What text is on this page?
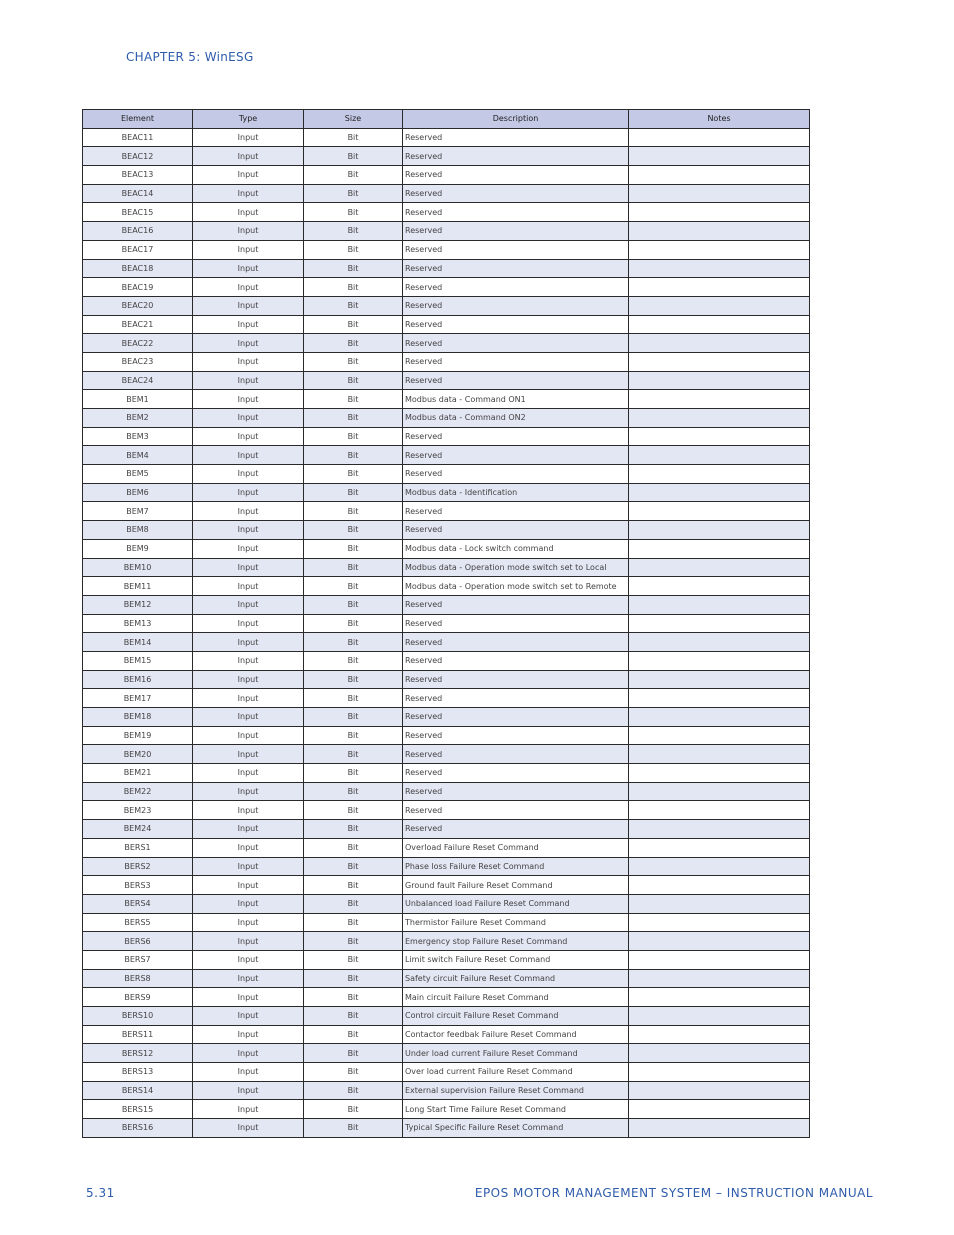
CHAPTER 5: WinESG
Element	Type	Size	Description	Notes
BEAC11	Input	Bit	Reserved	
BEAC12	Input	Bit	Reserved	
BEAC13	Input	Bit	Reserved	
BEAC14	Input	Bit	Reserved	
BEAC15	Input	Bit	Reserved	
BEAC16	Input	Bit	Reserved	
BEAC17	Input	Bit	Reserved	
BEAC18	Input	Bit	Reserved	
BEAC19	Input	Bit	Reserved	
BEAC20	Input	Bit	Reserved	
BEAC21	Input	Bit	Reserved	
BEAC22	Input	Bit	Reserved	
BEAC23	Input	Bit	Reserved	
BEAC24	Input	Bit	Reserved	
BEM1	Input	Bit	Modbus data - Command ON1	
BEM2	Input	Bit	Modbus data - Command ON2	
BEM3	Input	Bit	Reserved	
BEM4	Input	Bit	Reserved	
BEM5	Input	Bit	Reserved	
BEM6	Input	Bit	Modbus data - Identification	
BEM7	Input	Bit	Reserved	
BEM8	Input	Bit	Reserved	
BEM9	Input	Bit	Modbus data - Lock switch command	
BEM10	Input	Bit	Modbus data - Operation mode switch set to Local	
BEM11	Input	Bit	Modbus data - Operation mode switch set to Remote	
BEM12	Input	Bit	Reserved	
BEM13	Input	Bit	Reserved	
BEM14	Input	Bit	Reserved	
BEM15	Input	Bit	Reserved	
BEM16	Input	Bit	Reserved	
BEM17	Input	Bit	Reserved	
BEM18	Input	Bit	Reserved	
BEM19	Input	Bit	Reserved	
BEM20	Input	Bit	Reserved	
BEM21	Input	Bit	Reserved	
BEM22	Input	Bit	Reserved	
BEM23	Input	Bit	Reserved	
BEM24	Input	Bit	Reserved	
BERS1	Input	Bit	Overload Failure Reset Command	
BERS2	Input	Bit	Phase loss Failure Reset Command	
BERS3	Input	Bit	Ground fault Failure Reset Command	
BERS4	Input	Bit	Unbalanced load Failure Reset Command	
BERS5	Input	Bit	Thermistor Failure Reset Command	
BERS6	Input	Bit	Emergency stop Failure Reset Command	
BERS7	Input	Bit	Limit switch Failure Reset Command	
BERS8	Input	Bit	Safety circuit Failure Reset Command	
BERS9	Input	Bit	Main circuit Failure Reset Command	
BERS10	Input	Bit	Control circuit Failure Reset Command	
BERS11	Input	Bit	Contactor feedbak Failure Reset Command	
BERS12	Input	Bit	Under load current Failure Reset Command	
BERS13	Input	Bit	Over load current Failure Reset Command	
BERS14	Input	Bit	External supervision Failure Reset Command	
BERS15	Input	Bit	Long Start Time Failure Reset Command	
BERS16	Input	Bit	Typical Specific Failure Reset Command	
5.31	EPOS MOTOR MANAGEMENT SYSTEM – INSTRUCTION MANUAL
